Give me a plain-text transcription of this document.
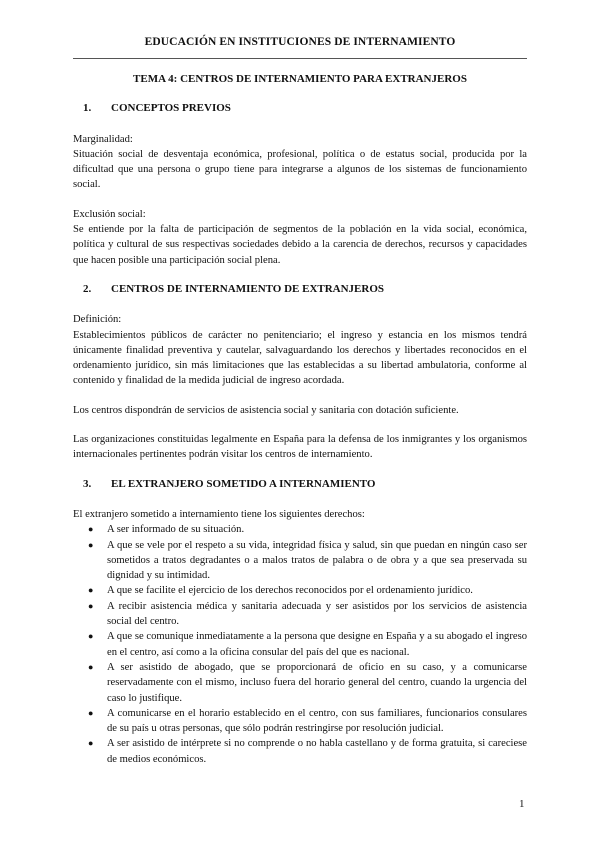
EDUCACIÓN EN INSTITUCIONES DE INTERNAMIENTO
TEMA 4: CENTROS DE INTERNAMIENTO PARA EXTRANJEROS
1.	CONCEPTOS PREVIOS

Marginalidad:

Situación social de desventaja económica, profesional, política o de estatus social, producida por la dificultad que una persona o grupo tiene para integrarse a algunos de los sistemas de funcionamiento social.

Exclusión social:

Se entiende por la falta de participación de segmentos de la población en la vida social, económica, política y cultural de sus respectivas sociedades debido a la carencia de derechos, recursos y capacidades que hacen posible una participación social plena.

2.	CENTROS DE INTERNAMIENTO DE EXTRANJEROS

Definición:

Establecimientos públicos de carácter no penitenciario; el ingreso y estancia en los mismos tendrá únicamente finalidad preventiva y cautelar, salvaguardando los derechos y libertades reconocidos en el ordenamiento jurídico, sin más limitaciones que las establecidas a su libertad ambulatoria, conforme al contenido y finalidad de la medida judicial de ingreso acordada.

Los centros dispondrán de servicios de asistencia social y sanitaria con dotación suficiente.

Las organizaciones constituidas legalmente en España para la defensa de los inmigrantes y los organismos internacionales pertinentes podrán visitar los centros de internamiento.

3.	EL EXTRANJERO SOMETIDO A INTERNAMIENTO

El extranjero sometido a internamiento tiene los siguientes derechos:

● A ser informado de su situación.
● A que se vele por el respeto a su vida, integridad física y salud, sin que puedan en ningún caso ser sometidos a tratos degradantes o a malos tratos de palabra o de obra y a que sea preservada su dignidad y su intimidad.
● A que se facilite el ejercicio de los derechos reconocidos por el ordenamiento jurídico.
● A recibir asistencia médica y sanitaria adecuada y ser asistidos por los servicios de asistencia social del centro.
● A que se comunique inmediatamente a la persona que designe en España y a su abogado el ingreso en el centro, así como a la oficina consular del país del que es nacional.
● A ser asistido de abogado, que se proporcionará de oficio en su caso, y a comunicarse reservadamente con el mismo, incluso fuera del horario general del centro, cuando la urgencia del caso lo justifique.
● A comunicarse en el horario establecido en el centro, con sus familiares, funcionarios consulares de su país u otras personas, que sólo podrán restringirse por resolución judicial.
● A ser asistido de intérprete si no comprende o no habla castellano y de forma gratuita, si careciese de medios económicos.
1
